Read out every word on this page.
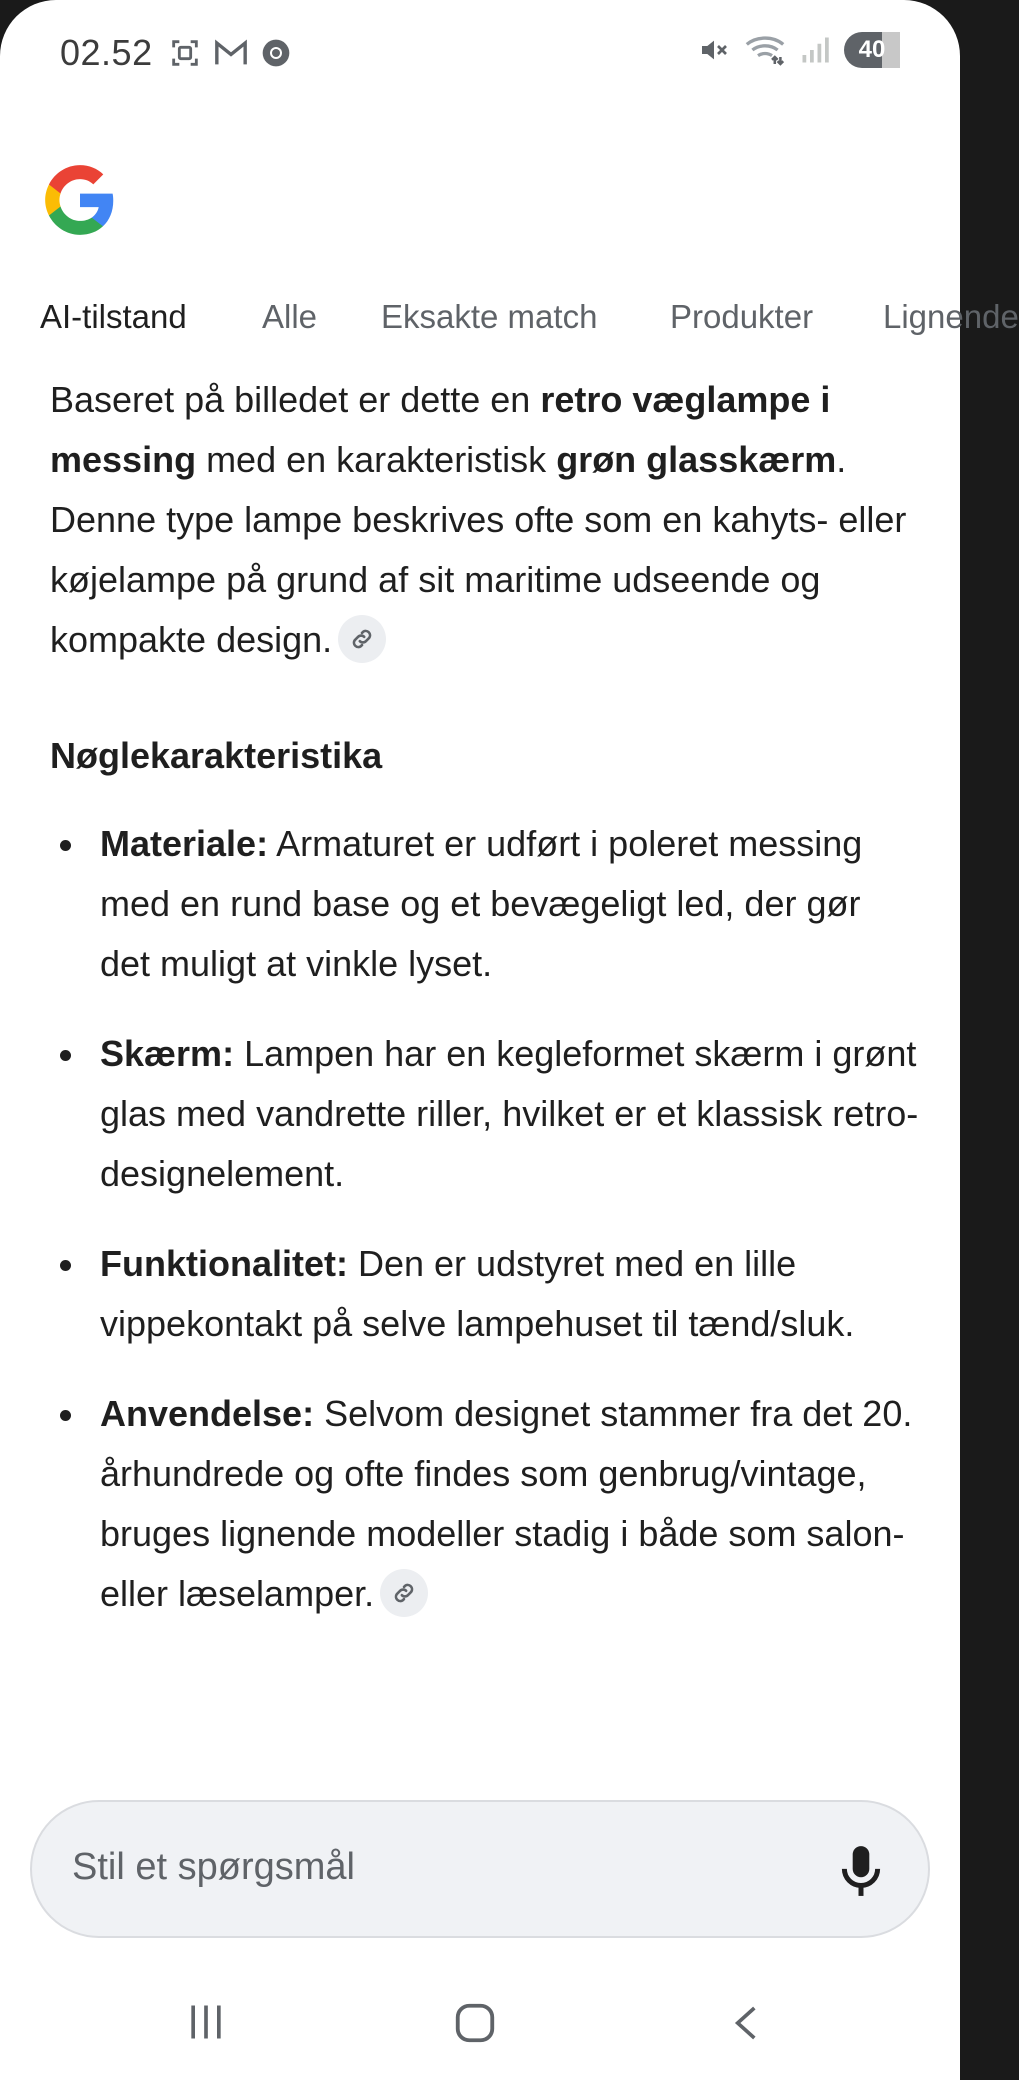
02.52	40
AI-tilstand Alle Eksakte match Produkter Lignende

Baseret på billedet er dette en retro væglampe i messing med en karakteristisk grøn glasskærm. Denne type lampe beskrives ofte som en kahyts- eller køjelampe på grund af sit maritime udseende og kompakte design.

Nøglekarakteristika
Materiale: Armaturet er udført i poleret messing med en rund base og et bevægeligt led, der gør det muligt at vinkle lyset.
Skærm: Lampen har en kegleformet skærm i grønt glas med vandrette riller, hvilket er et klassisk retro-designelement.
Funktionalitet: Den er udstyret med en lille vippekontakt på selve lampehuset til tænd/sluk.
Anvendelse: Selvom designet stammer fra det 20. århundrede og ofte findes som genbrug/vintage, bruges lignende modeller stadig i både som salon- eller læselamper.
Stil et spørgsmål
